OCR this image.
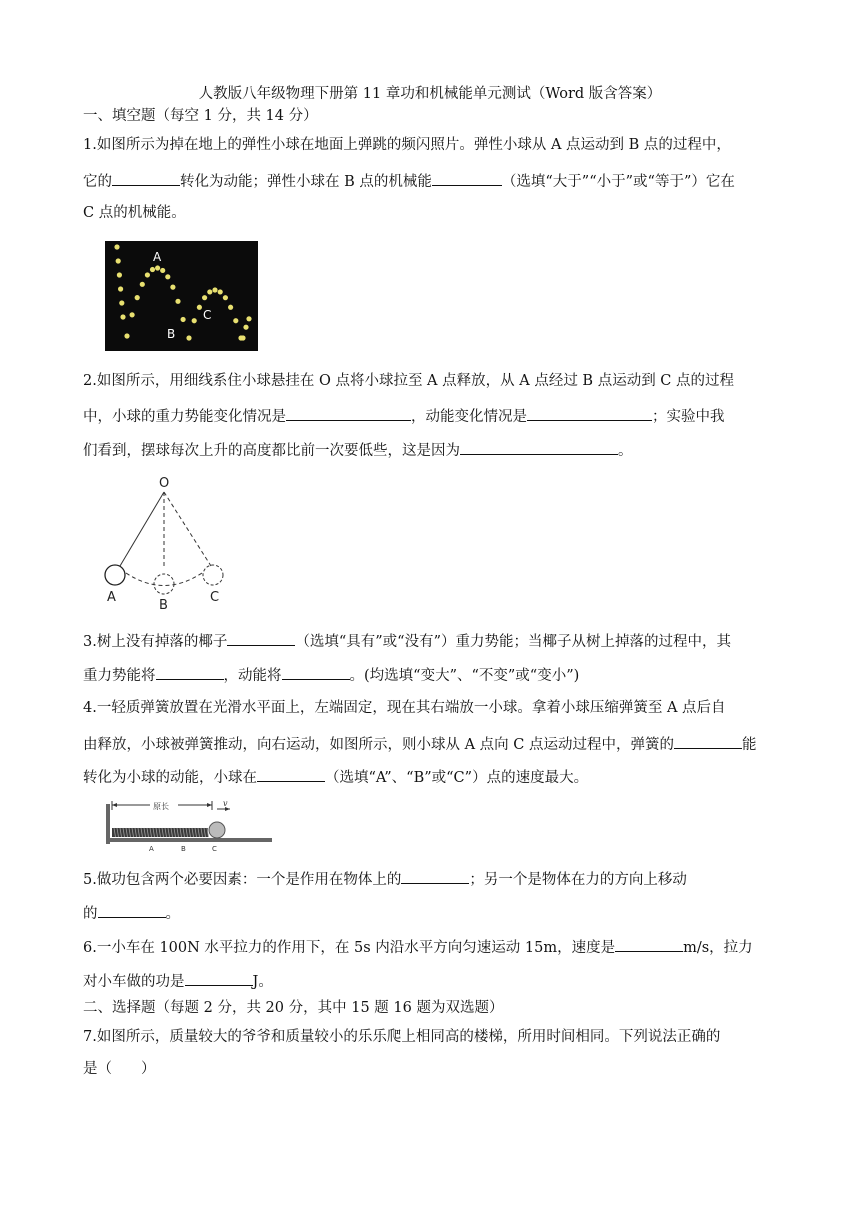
人教版八年级物理下册第 11 章功和机械能单元测试（Word 版含答案）
一、填空题（每空 1 分，共 14 分）
1.如图所示为掉在地上的弹性小球在地面上弹跳的频闪照片。弹性小球从 A 点运动到 B 点的过程中，
它的	转化为动能；弹性小球在 B 点的机械能	（选填“大于”“小于”或“等于”）它在
C 点的机械能。
A
B
C
2.如图所示，用细线系住小球悬挂在 O 点将小球拉至 A 点释放，从 A 点经过 B 点运动到 C 点的过程
中，小球的重力势能变化情况是	，动能变化情况是	；实验中我
们看到，摆球每次上升的高度都比前一次要低些，这是因为	。
O
A
B
C
3.树上没有掉落的椰子	（选填“具有”或“没有”）重力势能；当椰子从树上掉落的过程中，其
重力势能将	，动能将	。(均选填“变大”、“不变”或“变小”)
4.一轻质弹簧放置在光滑水平面上，左端固定，现在其右端放一小球。拿着小球压缩弹簧至 A 点后自
由释放，小球被弹簧推动，向右运动，如图所示，则小球从 A 点向 C 点运动过程中，弹簧的	能
转化为小球的动能，小球在	（选填“A”、“B”或“C”）点的速度最大。
原长	v
A	B	C
5.做功包含两个必要因素：一个是作用在物体上的	；另一个是物体在力的方向上移动
的	。
6.一小车在 100N 水平拉力的作用下，在 5s 内沿水平方向匀速运动 15m，速度是	m/s，拉力
对小车做的功是	J。
二、选择题（每题 2 分，共 20 分，其中 15 题 16 题为双选题）
7.如图所示，质量较大的爷爷和质量较小的乐乐爬上相同高的楼梯，所用时间相同。下列说法正确的
是（　　）
